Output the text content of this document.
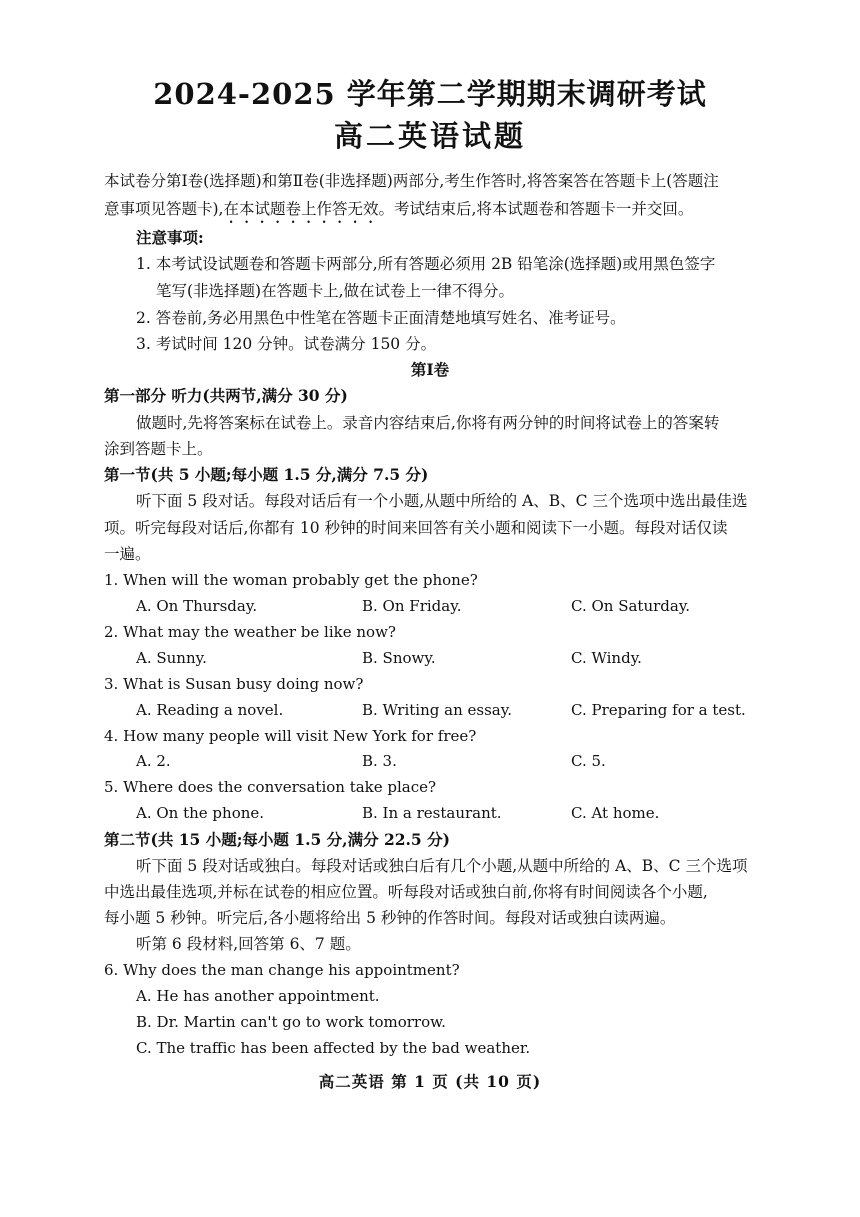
2024-2025 学年第二学期期末调研考试
高二英语试题
本试卷分第Ⅰ卷(选择题)和第Ⅱ卷(非选择题)两部分,考生作答时,将答案答在答题卡上(答题注
意事项见答题卡),在本试题卷上作答无效。考试结束后,将本试题卷和答题卡一并交回。
注意事项:
1. 本考试设试题卷和答题卡两部分,所有答题必须用 2B 铅笔涂(选择题)或用黑色签字
笔写(非选择题)在答题卡上,做在试卷上一律不得分。
2. 答卷前,务必用黑色中性笔在答题卡正面清楚地填写姓名、准考证号。
3. 考试时间 120 分钟。试卷满分 150 分。
第Ⅰ卷
第一部分 听力(共两节,满分 30 分)
做题时,先将答案标在试卷上。录音内容结束后,你将有两分钟的时间将试卷上的答案转
涂到答题卡上。
第一节(共 5 小题;每小题 1.5 分,满分 7.5 分)
听下面 5 段对话。每段对话后有一个小题,从题中所给的 A、B、C 三个选项中选出最佳选
项。听完每段对话后,你都有 10 秒钟的时间来回答有关小题和阅读下一小题。每段对话仅读
一遍。
1. When will the woman probably get the phone?
A. On Thursday.	B. On Friday.	C. On Saturday.
2. What may the weather be like now?
A. Sunny.	B. Snowy.	C. Windy.
3. What is Susan busy doing now?
A. Reading a novel.	B. Writing an essay.	C. Preparing for a test.
4. How many people will visit New York for free?
A. 2.	B. 3.	C. 5.
5. Where does the conversation take place?
A. On the phone.	B. In a restaurant.	C. At home.
第二节(共 15 小题;每小题 1.5 分,满分 22.5 分)
听下面 5 段对话或独白。每段对话或独白后有几个小题,从题中所给的 A、B、C 三个选项
中选出最佳选项,并标在试卷的相应位置。听每段对话或独白前,你将有时间阅读各个小题,
每小题 5 秒钟。听完后,各小题将给出 5 秒钟的作答时间。每段对话或独白读两遍。
听第 6 段材料,回答第 6、7 题。
6. Why does the man change his appointment?
A. He has another appointment.
B. Dr. Martin can't go to work tomorrow.
C. The traffic has been affected by the bad weather.
高二英语 第 1 页 (共 10 页)
